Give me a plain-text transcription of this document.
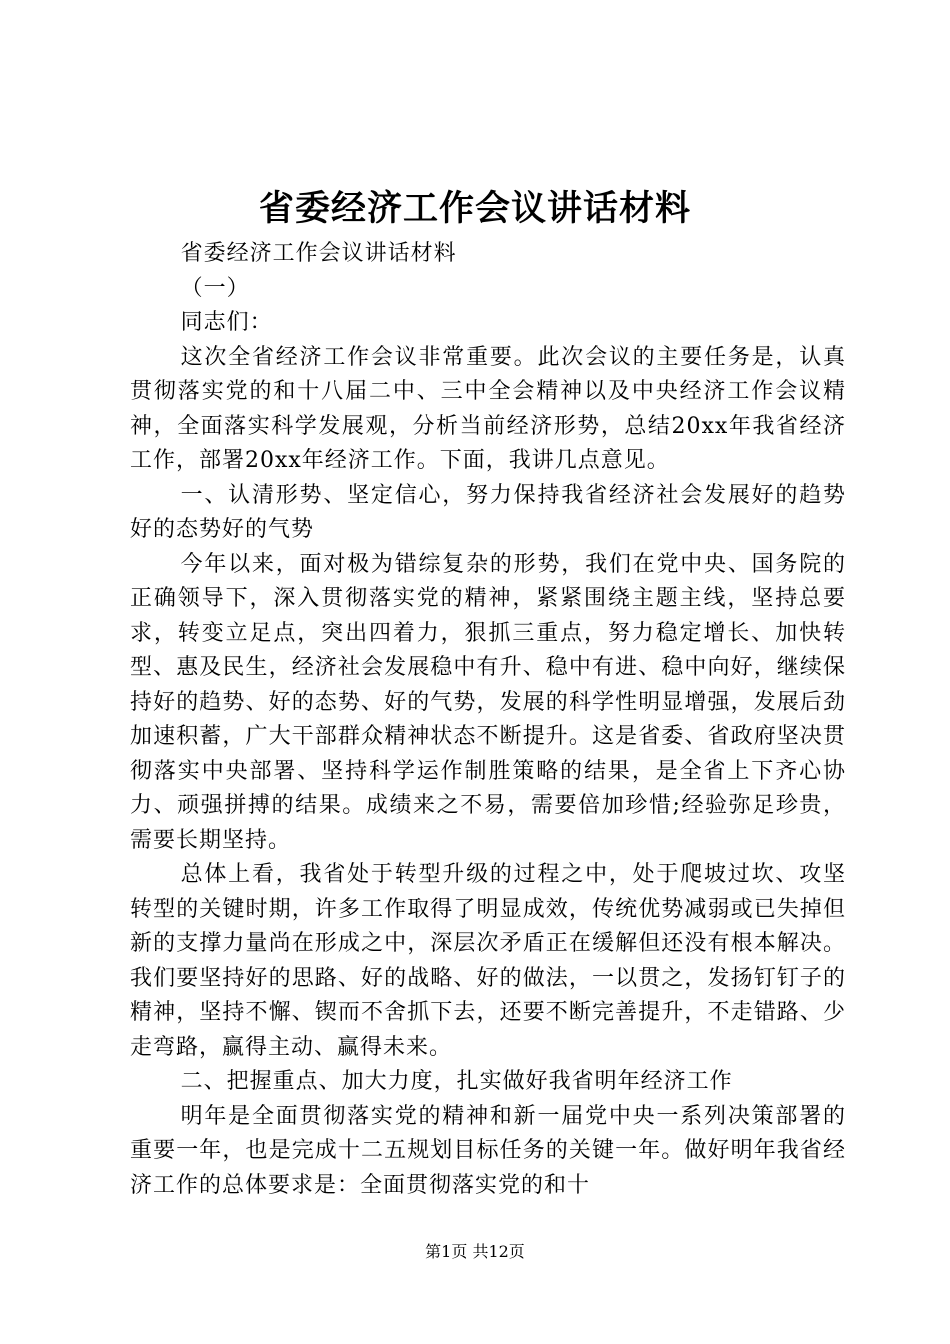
省委经济工作会议讲话材料

省委经济工作会议讲话材料

（一）

同志们：

这次全省经济工作会议非常重要。此次会议的主要任务是，认真贯彻落实党的和十八届二中、三中全会精神以及中央经济工作会议精神，全面落实科学发展观，分析当前经济形势，总结20xx年我省经济工作，部署20xx年经济工作。下面，我讲几点意见。

一、认清形势、坚定信心，努力保持我省经济社会发展好的趋势好的态势好的气势

今年以来，面对极为错综复杂的形势，我们在党中央、国务院的正确领导下，深入贯彻落实党的精神，紧紧围绕主题主线，坚持总要求，转变立足点，突出四着力，狠抓三重点，努力稳定增长、加快转型、惠及民生，经济社会发展稳中有升、稳中有进、稳中向好，继续保持好的趋势、好的态势、好的气势，发展的科学性明显增强，发展后劲加速积蓄，广大干部群众精神状态不断提升。这是省委、省政府坚决贯彻落实中央部署、坚持科学运作制胜策略的结果，是全省上下齐心协力、顽强拼搏的结果。成绩来之不易，需要倍加珍惜;经验弥足珍贵，需要长期坚持。

总体上看，我省处于转型升级的过程之中，处于爬坡过坎、攻坚转型的关键时期，许多工作取得了明显成效，传统优势减弱或已失掉但新的支撑力量尚在形成之中，深层次矛盾正在缓解但还没有根本解决。我们要坚持好的思路、好的战略、好的做法，一以贯之，发扬钉钉子的精神，坚持不懈、锲而不舍抓下去，还要不断完善提升，不走错路、少走弯路，赢得主动、赢得未来。

二、把握重点、加大力度，扎实做好我省明年经济工作

明年是全面贯彻落实党的精神和新一届党中央一系列决策部署的重要一年，也是完成十二五规划目标任务的关键一年。做好明年我省经济工作的总体要求是：全面贯彻落实党的和十

第1页 共12页
